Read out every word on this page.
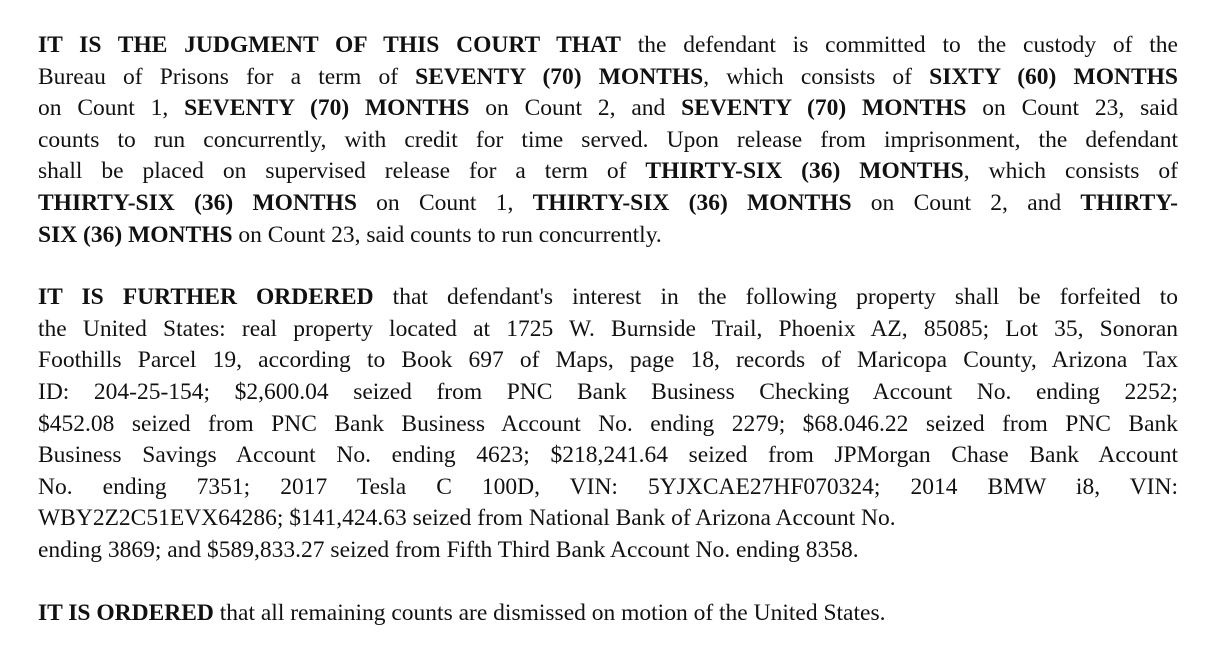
IT IS THE JUDGMENT OF THIS COURT THAT the defendant is committed to the custody of the
Bureau of Prisons for a term of SEVENTY (70) MONTHS, which consists of SIXTY (60) MONTHS
on Count 1, SEVENTY (70) MONTHS on Count 2, and SEVENTY (70) MONTHS on Count 23, said
counts to run concurrently, with credit for time served. Upon release from imprisonment, the defendant
shall be placed on supervised release for a term of THIRTY-SIX (36) MONTHS, which consists of
THIRTY-SIX (36) MONTHS on Count 1, THIRTY-SIX (36) MONTHS on Count 2, and THIRTY-
SIX (36) MONTHS on Count 23, said counts to run concurrently.

IT IS FURTHER ORDERED that defendant's interest in the following property shall be forfeited to
the United States: real property located at 1725 W. Burnside Trail, Phoenix AZ, 85085; Lot 35, Sonoran
Foothills Parcel 19, according to Book 697 of Maps, page 18, records of Maricopa County, Arizona Tax
ID: 204-25-154; $2,600.04 seized from PNC Bank Business Checking Account No. ending 2252;
$452.08 seized from PNC Bank Business Account No. ending 2279; $68.046.22 seized from PNC Bank
Business Savings Account No. ending 4623; $218,241.64 seized from JPMorgan Chase Bank Account
No. ending 7351; 2017 Tesla C 100D, VIN: 5YJXCAE27HF070324; 2014 BMW i8, VIN:
WBY2Z2C51EVX64286; $141,424.63 seized from National Bank of Arizona Account No.
ending 3869; and $589,833.27 seized from Fifth Third Bank Account No. ending 8358.

IT IS ORDERED that all remaining counts are dismissed on motion of the United States.
